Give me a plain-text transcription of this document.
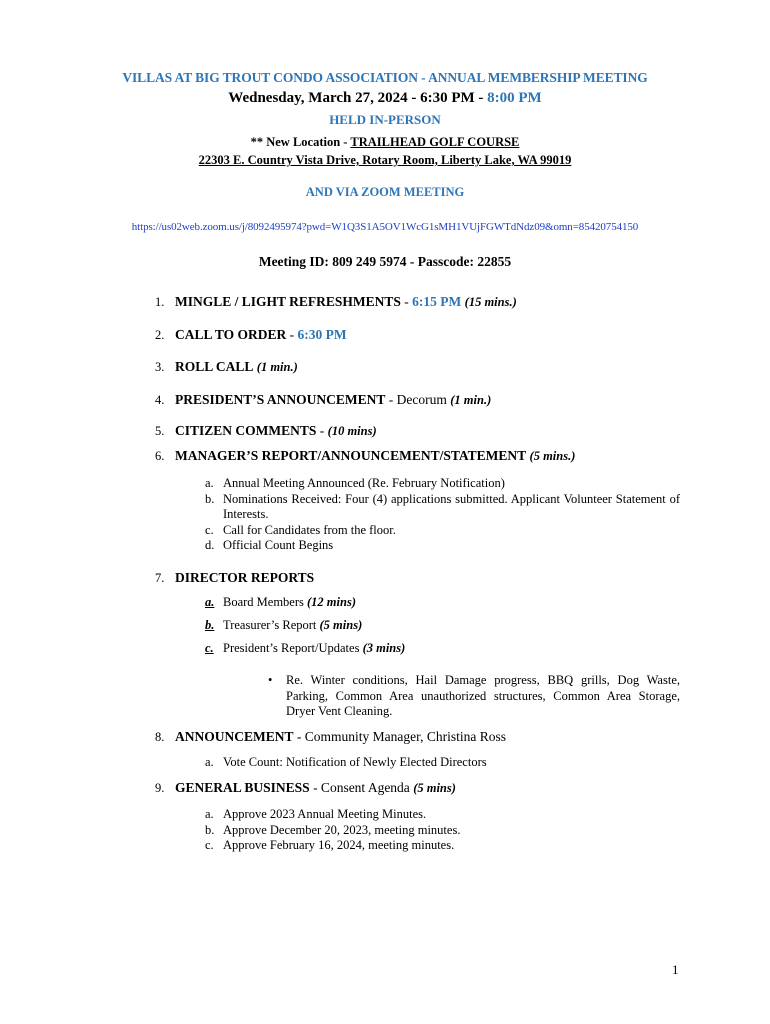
VILLAS AT BIG TROUT CONDO ASSOCIATION - ANNUAL MEMBERSHIP MEETING
Wednesday, March 27, 2024 - 6:30 PM - 8:00 PM
HELD IN-PERSON
** New Location - TRAILHEAD GOLF COURSE
22303 E. Country Vista Drive, Rotary Room, Liberty Lake, WA 99019
AND VIA ZOOM MEETING
https://us02web.zoom.us/j/8092495974?pwd=W1Q3S1A5OV1WcG1sMH1VUjFGWTdNdz09&omn=85420754150
Meeting ID: 809 249 5974 - Passcode: 22855
1. MINGLE / LIGHT REFRESHMENTS - 6:15 PM (15 mins.)
2. CALL TO ORDER - 6:30 PM
3. ROLL CALL (1 min.)
4. PRESIDENT’S ANNOUNCEMENT - Decorum (1 min.)
5. CITIZEN COMMENTS - (10 mins)
6. MANAGER’S REPORT/ANNOUNCEMENT/STATEMENT (5 mins.)
a. Annual Meeting Announced (Re. February Notification)
b. Nominations Received: Four (4) applications submitted. Applicant Volunteer Statement of Interests.
c. Call for Candidates from the floor.
d. Official Count Begins
7. DIRECTOR REPORTS
a. Board Members (12 mins)
b. Treasurer’s Report (5 mins)
c. President’s Report/Updates (3 mins)
• Re. Winter conditions, Hail Damage progress, BBQ grills, Dog Waste, Parking, Common Area unauthorized structures, Common Area Storage, Dryer Vent Cleaning.
8. ANNOUNCEMENT - Community Manager, Christina Ross
a. Vote Count: Notification of Newly Elected Directors
9. GENERAL BUSINESS - Consent Agenda (5 mins)
a. Approve 2023 Annual Meeting Minutes.
b. Approve December 20, 2023, meeting minutes.
c. Approve February 16, 2024, meeting minutes.
1
